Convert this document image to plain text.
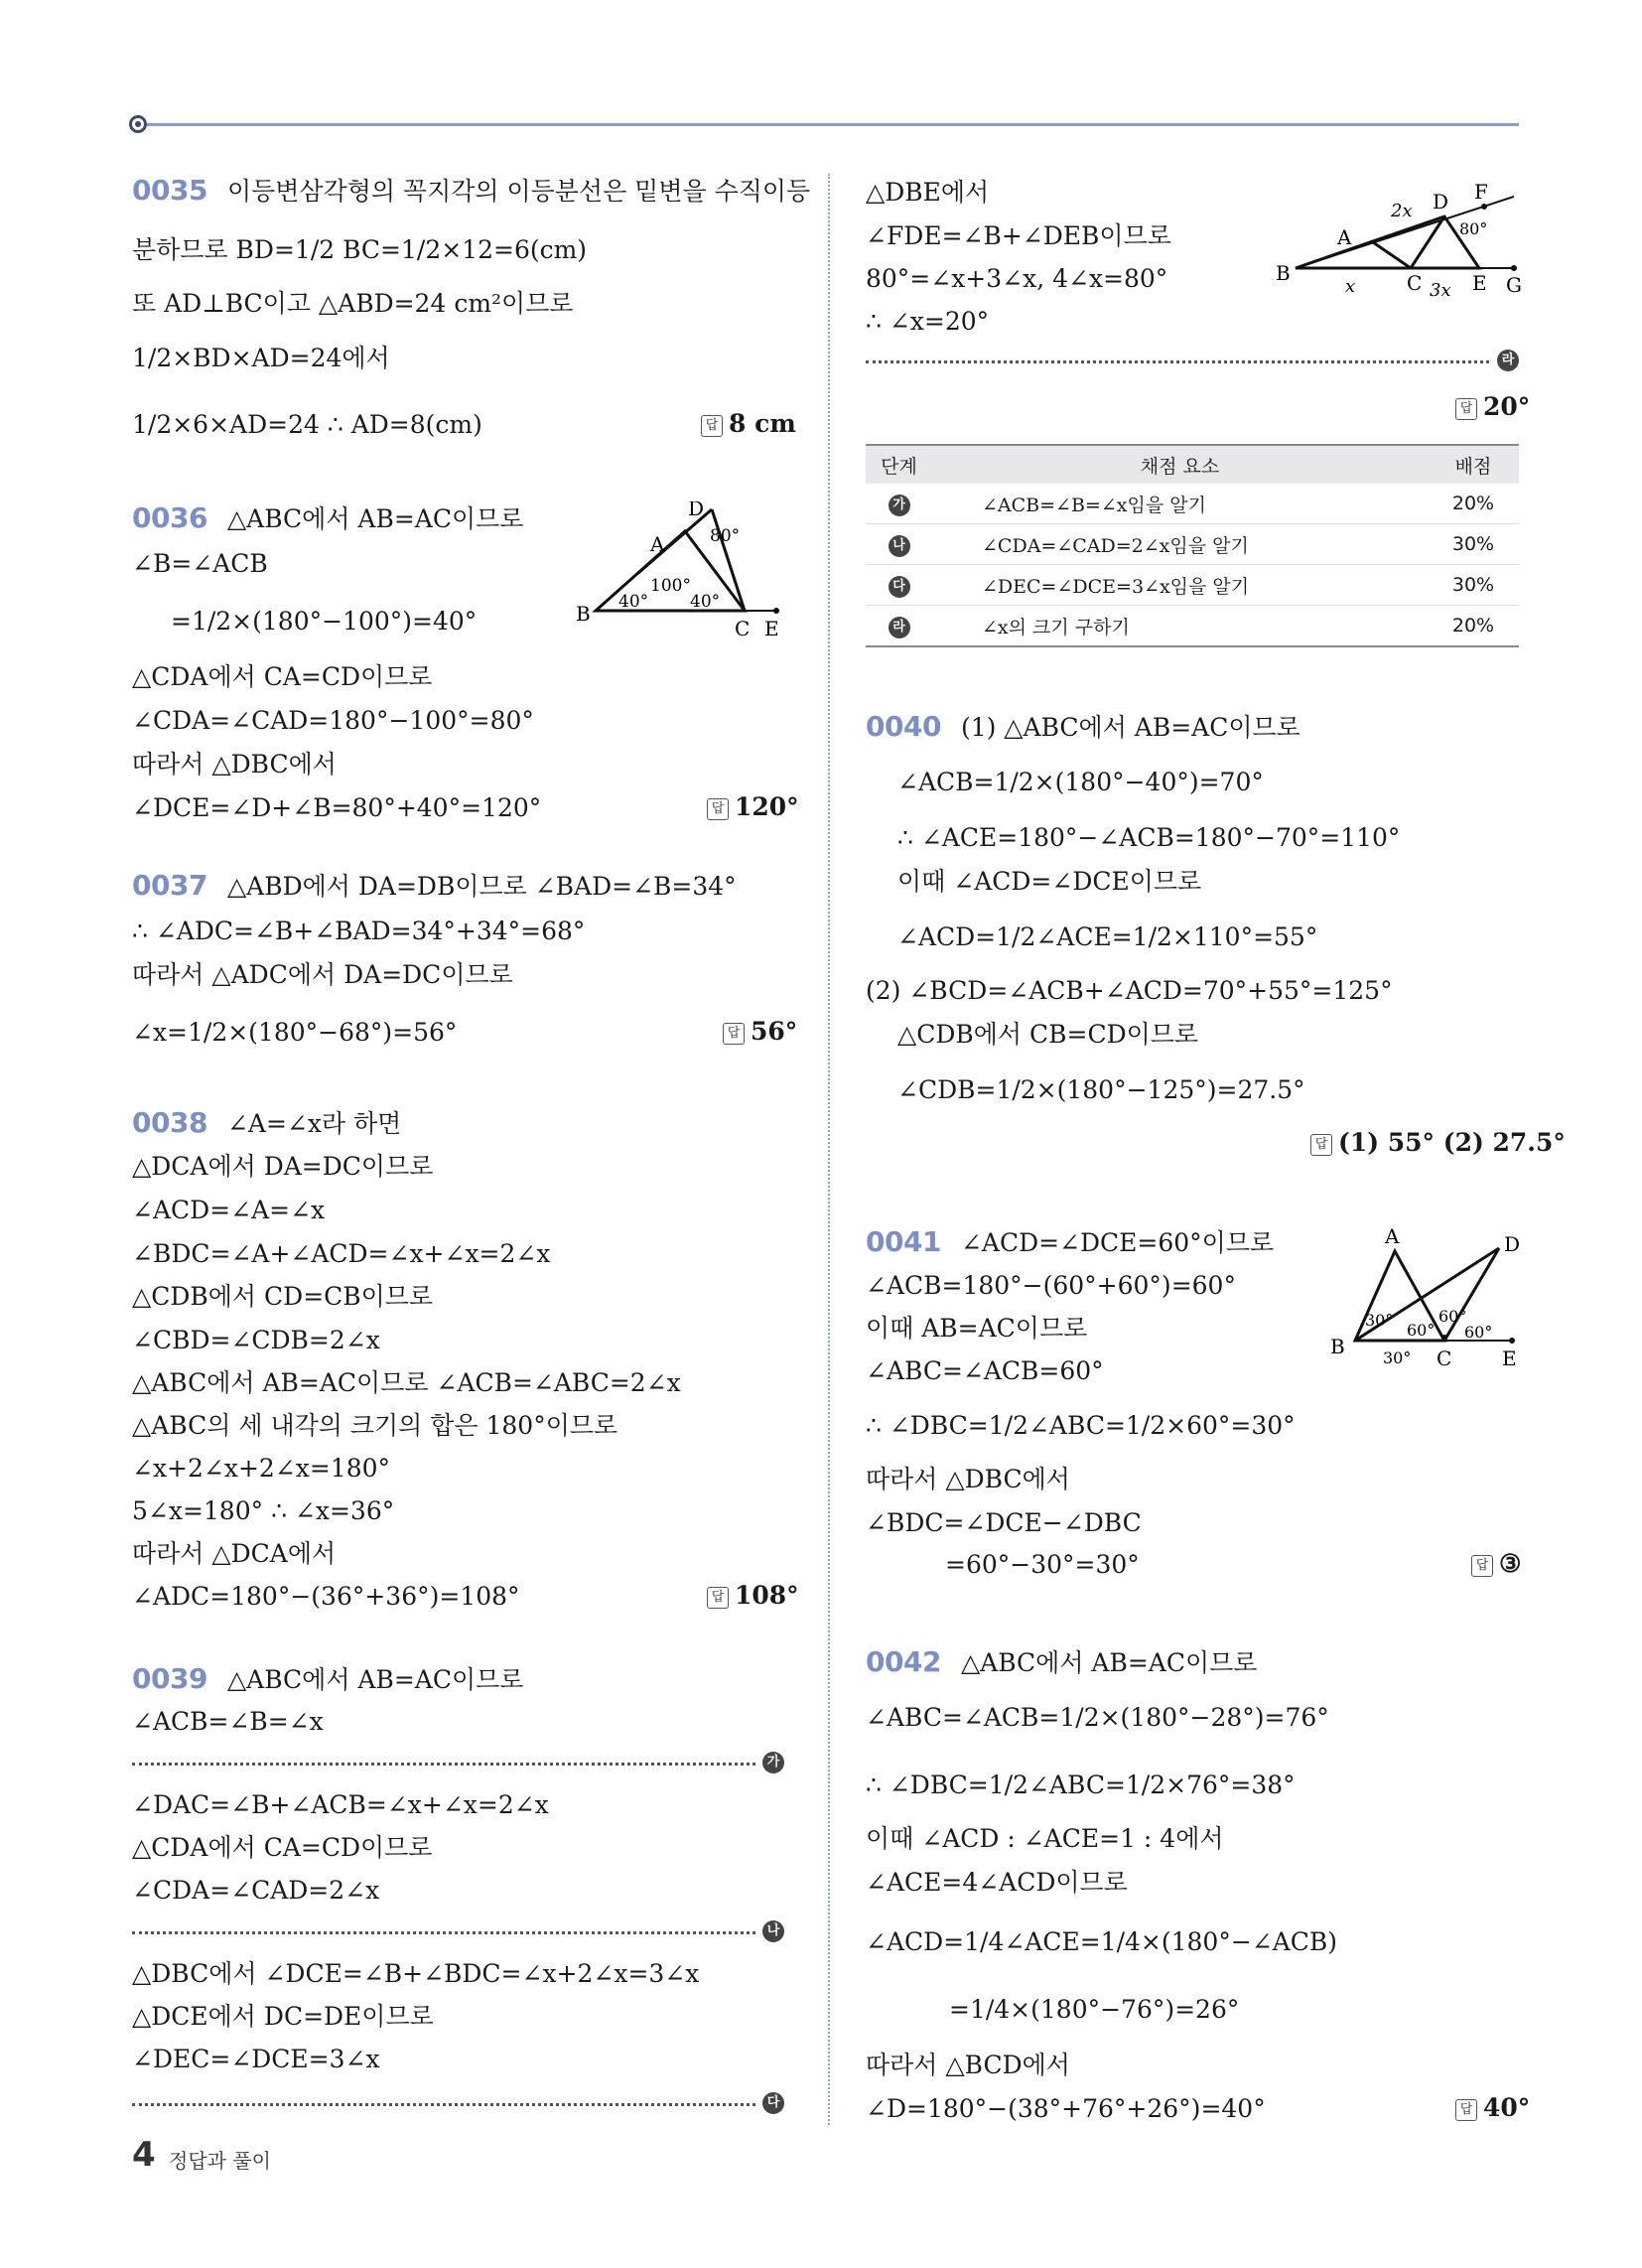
0035 이등변삼각형의 꼭지각의 이등분선은 밑변을 수직이등
분하므로 BD=1/2 BC=1/2×12=6(cm)
또 AD⊥BC이고 △ABD=24 cm²이므로
1/2×BD×AD=24에서
1/2×6×AD=24 ∴ AD=8(cm)	답 8 cm
0036 △ABC에서 AB=AC이므로
∠B=∠ACB
=1/2×(180°−100°)=40°
△CDA에서 CA=CD이므로
∠CDA=∠CAD=180°−100°=80°
따라서 △DBC에서
∠DCE=∠D+∠B=80°+40°=120°	답 120°
B
A
D
C E
80°
100°
40° 40°
0037 △ABD에서 DA=DB이므로 ∠BAD=∠B=34°
∴ ∠ADC=∠B+∠BAD=34°+34°=68°
따라서 △ADC에서 DA=DC이므로
∠x=1/2×(180°−68°)=56°	답 56°
0038 ∠A=∠x라 하면
△DCA에서 DA=DC이므로
∠ACD=∠A=∠x
∠BDC=∠A+∠ACD=∠x+∠x=2∠x
△CDB에서 CD=CB이므로
∠CBD=∠CDB=2∠x
△ABC에서 AB=AC이므로 ∠ACB=∠ABC=2∠x
△ABC의 세 내각의 크기의 합은 180°이므로
∠x+2∠x+2∠x=180°
5∠x=180° ∴ ∠x=36°
따라서 △DCA에서
∠ADC=180°−(36°+36°)=108°	답 108°
0039 △ABC에서 AB=AC이므로
∠ACB=∠B=∠x
가
∠DAC=∠B+∠ACB=∠x+∠x=2∠x
△CDA에서 CA=CD이므로
∠CDA=∠CAD=2∠x
나
△DBC에서 ∠DCE=∠B+∠BDC=∠x+2∠x=3∠x
△DCE에서 DC=DE이므로
∠DEC=∠DCE=3∠x
다
△DBE에서
∠FDE=∠B+∠DEB이므로
80°=∠x+3∠x, 4∠x=80°
∴ ∠x=20°
B
A
D F
C	E G
2x
x	3x
80°
라
답 20°
단계	채점 요소	배점
가	∠ACB=∠B=∠x임을 알기	20%
나	∠CDA=∠CAD=2∠x임을 알기	30%
다	∠DEC=∠DCE=3∠x임을 알기	30%
라	∠x의 크기 구하기	20%
0040 (1) △ABC에서 AB=AC이므로
∠ACB=1/2×(180°−40°)=70°
∴ ∠ACE=180°−∠ACB=180°−70°=110°
이때 ∠ACD=∠DCE이므로
∠ACD=1/2∠ACE=1/2×110°=55°
(2) ∠BCD=∠ACB+∠ACD=70°+55°=125°
△CDB에서 CB=CD이므로
∠CDB=1/2×(180°−125°)=27.5°
답 (1) 55° (2) 27.5°
0041 ∠ACD=∠DCE=60°이므로
∠ACB=180°−(60°+60°)=60°
이때 AB=AC이므로
∠ABC=∠ACB=60°
∴ ∠DBC=1/2∠ABC=1/2×60°=30°
따라서 △DBC에서
∠BDC=∠DCE−∠DBC
=60°−30°=30°	답 ③
A	D
B	C	E
30°
30°
60°
60°
60°
0042 △ABC에서 AB=AC이므로
∠ABC=∠ACB=1/2×(180°−28°)=76°
∴ ∠DBC=1/2∠ABC=1/2×76°=38°
이때 ∠ACD : ∠ACE=1 : 4에서
∠ACE=4∠ACD이므로
∠ACD=1/4∠ACE=1/4×(180°−∠ACB)
=1/4×(180°−76°)=26°
따라서 △BCD에서
∠D=180°−(38°+76°+26°)=40°	답 40°
4 정답과 풀이
